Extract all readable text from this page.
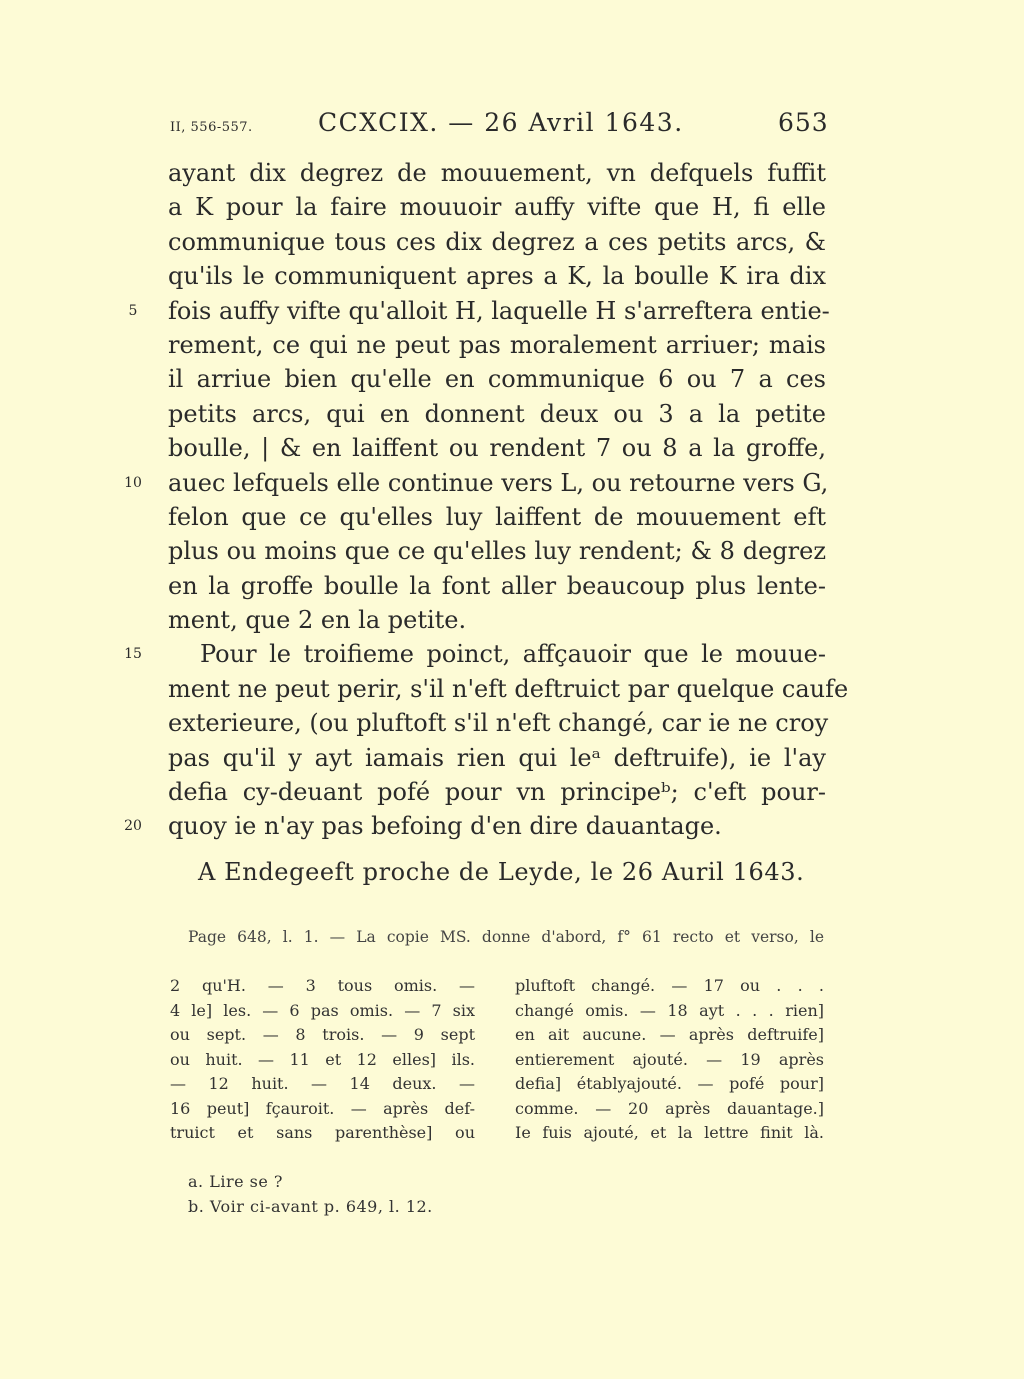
II, 556-557.	CCXCIX. — 26 Avril 1643.	653
ayant dix degrez de mouuement, vn defquels fuffit
a K pour la faire mouuoir auffy vifte que H, fi elle
communique tous ces dix degrez a ces petits arcs, &
qu'ils le communiquent apres a K, la boulle K ira dix
5	fois auffy vifte qu'alloit H, laquelle H s'arreftera entie-
rement, ce qui ne peut pas moralement arriuer; mais
il arriue bien qu'elle en communique 6 ou 7 a ces
petits arcs, qui en donnent deux ou 3 a la petite
boulle, | & en laiffent ou rendent 7 ou 8 a la groffe,
10 auec lefquels elle continue vers L, ou retourne vers G,
felon que ce qu'elles luy laiffent de mouuement eft
plus ou moins que ce qu'elles luy rendent; & 8 degrez
en la groffe boulle la font aller beaucoup plus lente-
ment, que 2 en la petite.
15	Pour le troifieme poinct, affçauoir que le mouue-
ment ne peut perir, s'il n'eft deftruict par quelque caufe
exterieure, (ou pluftoft s'il n'eft changé, car ie ne croy
pas qu'il y ayt iamais rien qui leᵃ deftruife), ie l'ay
defia cy-deuant pofé pour vn principeᵇ; c'eft pour-
20 quoy ie n'ay pas befoing d'en dire dauantage.
A Endegeeft proche de Leyde, le 26 Auril 1643.
Page 648, l. 1. — La copie MS. donne d'abord, f° 61 recto et verso, le
2 qu'H. — 3 tous omis. —
4 le] les. — 6 pas omis. — 7 six
ou sept. — 8 trois. — 9 sept
ou huit. — 11 et 12 elles] ils.
— 12 huit. — 14 deux. —
16 peut] fçauroit. — après def-
truict et sans parenthèse] ou
pluftoft changé. — 17 ou . . .
changé omis. — 18 ayt . . . rien]
en ait aucune. — après deftruife]
entierement ajouté. — 19 après
defia] établyajouté. — pofé pour]
comme. — 20 après dauantage.]
Ie fuis ajouté, et la lettre finit là.
a. Lire se ?
b. Voir ci-avant p. 649, l. 12.
